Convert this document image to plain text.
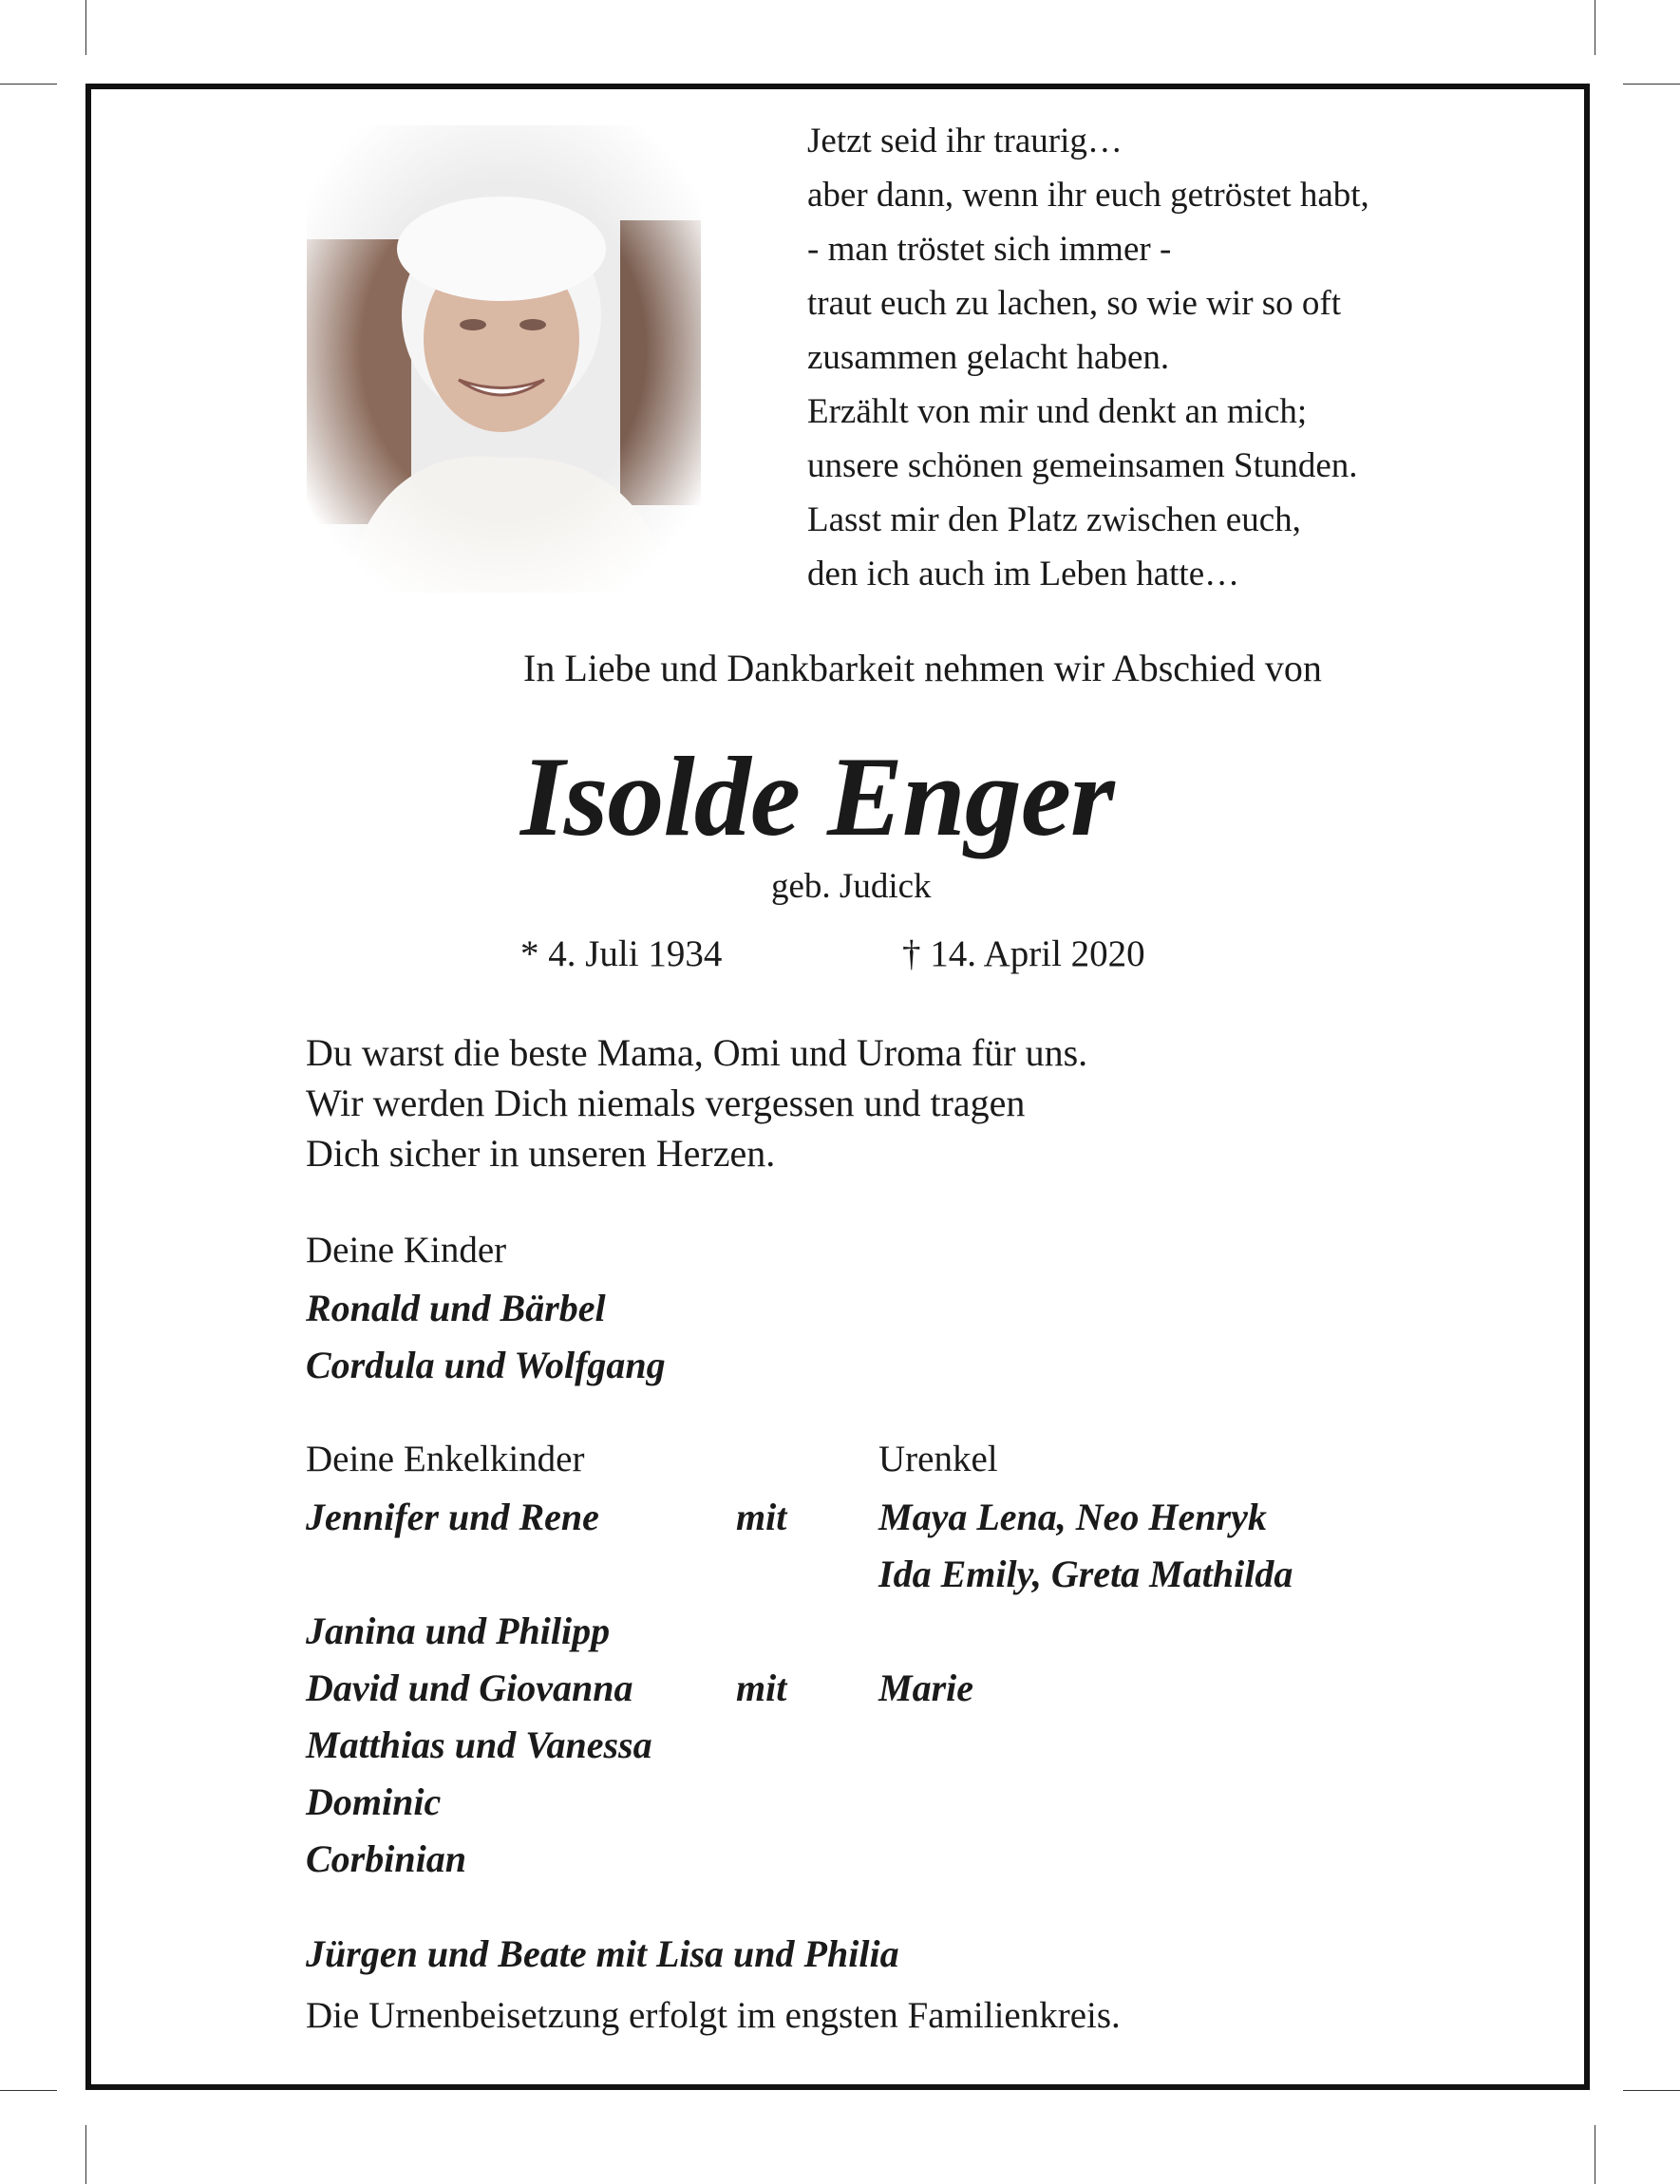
Jetzt seid ihr traurig…
aber dann, wenn ihr euch getröstet habt,
- man tröstet sich immer -
traut euch zu lachen, so wie wir so oft
zusammen gelacht haben.
Erzählt von mir und denkt an mich;
unsere schönen gemeinsamen Stunden.
Lasst mir den Platz zwischen euch,
den ich auch im Leben hatte…
In Liebe und Dankbarkeit nehmen wir Abschied von
Isolde Enger
geb. Judick
* 4. Juli 1934	† 14. April 2020
Du warst die beste Mama, Omi und Uroma für uns.
Wir werden Dich niemals vergessen und tragen
Dich sicher in unseren Herzen.
Deine Kinder
Ronald und Bärbel
Cordula und Wolfgang
Deine Enkelkinder	Urenkel
Jennifer und Rene	mit Maya Lena, Neo Henryk
Ida Emily, Greta Mathilda
Janina und Philipp
David und Giovanna	mit Marie
Matthias und Vanessa
Dominic
Corbinian
Jürgen und Beate mit Lisa und Philia
Die Urnenbeisetzung erfolgt im engsten Familienkreis.
